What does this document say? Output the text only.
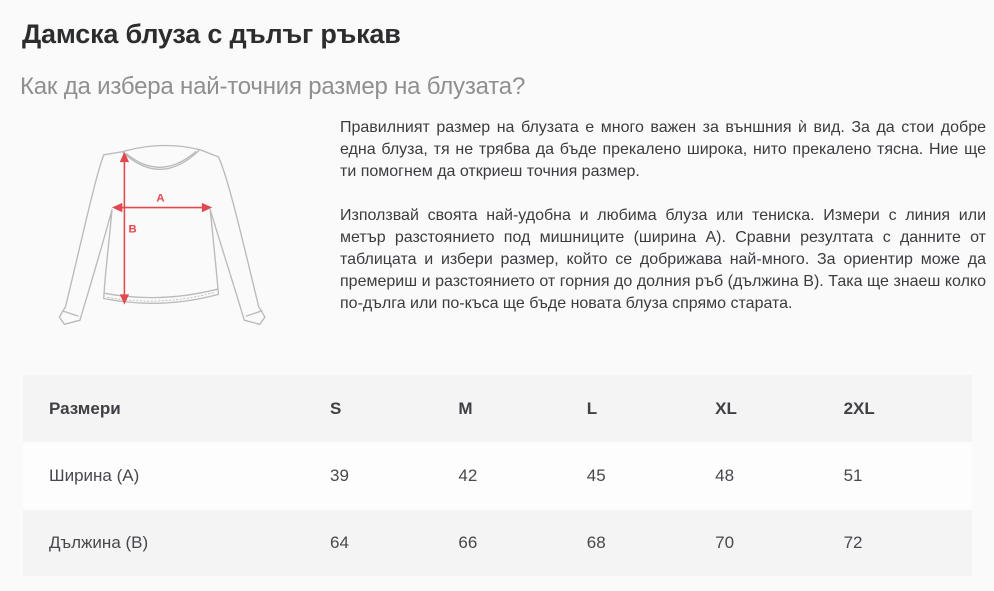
Дамска блуза с дълъг ръкав
Как да избера най-точния размер на блузата?
A
B

Правилният размер на блузата е много важен за външния ѝ вид. За да стои добре една блуза, тя не трябва да бъде прекалено широка, нито прекалено тясна. Ние ще ти помогнем да откриеш точния размер.

Използвай своята най-удобна и любима блуза или тениска. Измери с линия или метър разстоянието под мишниците (ширина A). Сравни резултата с данните от таблицата и избери размер, който се добрижава най-много. За ориентир може да премериш и разстоянието от горния до долния ръб (дължина B). Така ще знаеш колко по-дълга или по-къса ще бъде новата блуза спрямо старата.

Размери	S	M	L	XL	2XL
Ширина (A)	39	42	45	48	51
Дължина (B)	64	66	68	70	72
